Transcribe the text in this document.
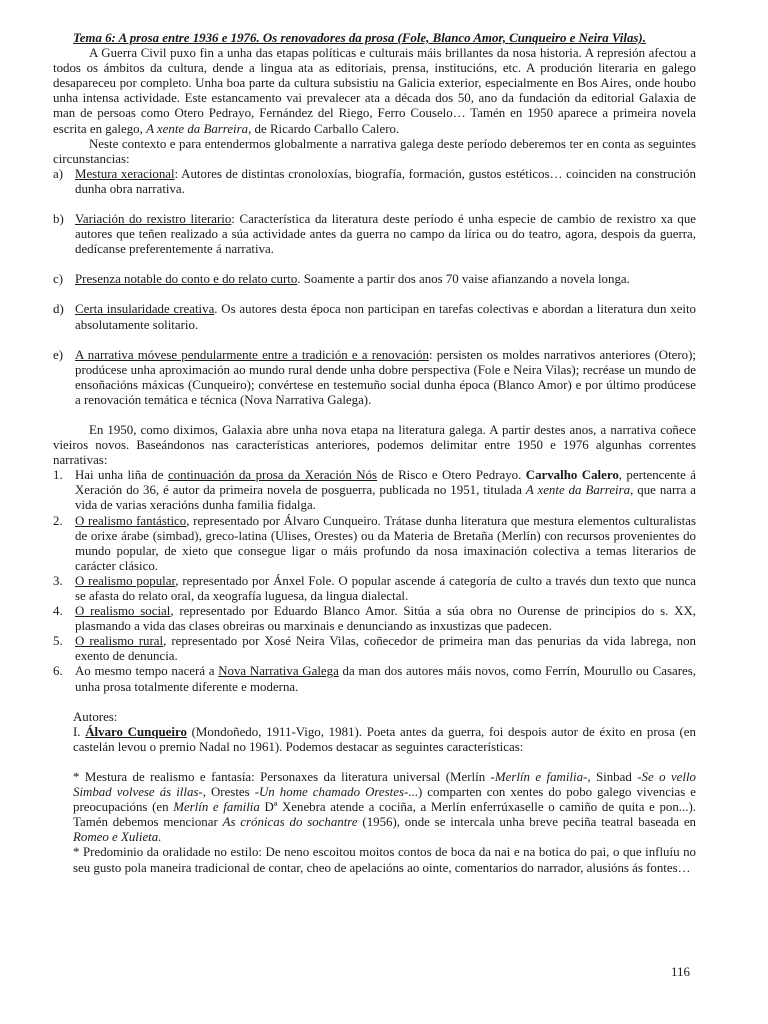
Tema 6: A prosa entre 1936 e 1976. Os renovadores da prosa (Fole, Blanco Amor, Cunqueiro e Neira Vilas).

A Guerra Civil puxo fin a unha das etapas políticas e culturais máis brillantes da nosa historia. A represión afectou a todos os ámbitos da cultura, dende a lingua ata as editoriais, prensa, institucións, etc. A produción literaria en galego desapareceu por completo. Unha boa parte da cultura subsistiu na Galicia exterior, especialmente en Bos Aires, onde houbo unha intensa actividade. Este estancamento vai prevalecer ata a década dos 50, ano da fundación da editorial Galaxia de man de persoas como Otero Pedrayo, Fernández del Riego, Ferro Couselo… Tamén en 1950 aparece a primeira novela escrita en galego, A xente da Barreira, de Ricardo Carballo Calero.

Neste contexto e para entendermos globalmente a narrativa galega deste período deberemos ter en conta as seguintes circunstancias:

a) Mestura xeracional: Autores de distintas cronoloxías, biografía, formación, gustos estéticos… coinciden na construción dunha obra narrativa.
b) Variación do rexistro literario: Característica da literatura deste período é unha especie de cambio de rexistro xa que autores que teñen realizado a súa actividade antes da guerra no campo da lírica ou do teatro, agora, despois da guerra, dedícanse preferentemente á narrativa.
c) Presenza notable do conto e do relato curto. Soamente a partir dos anos 70 vaise afianzando a novela longa.
d) Certa insularidade creativa. Os autores desta época non participan en tarefas colectivas e abordan a literatura dun xeito absolutamente solitario.
e) A narrativa móvese pendularmente entre a tradición e a renovación: persisten os moldes narrativos anteriores (Otero); prodúcese unha aproximación ao mundo rural dende unha dobre perspectiva (Fole e Neira Vilas); recréase un mundo de ensoñacións máxicas (Cunqueiro); convértese en testemuño social dunha época (Blanco Amor) e por último prodúcese a renovación temática e técnica (Nova Narrativa Galega).

En 1950, como diximos, Galaxia abre unha nova etapa na literatura galega. A partir destes anos, a narrativa coñece vieiros novos. Baseándonos nas características anteriores, podemos delimitar entre 1950 e 1976 algunhas correntes narrativas:

1. Hai unha liña de continuación da prosa da Xeración Nós de Risco e Otero Pedrayo. Carvalho Calero, pertencente á Xeración do 36, é autor da primeira novela de posguerra, publicada no 1951, titulada A xente da Barreira, que narra a vida de varias xeracións dunha familia fidalga.
2. O realismo fantástico, representado por Álvaro Cunqueiro. Trátase dunha literatura que mestura elementos culturalistas de orixe árabe (simbad), greco-latina (Ulises, Orestes) ou da Materia de Bretaña (Merlín) con recursos provenientes do mundo popular, de xieto que consegue ligar o máis profundo da nosa imaxinación colectiva a temas literarios de carácter clásico.
3. O realismo popular, representado por Ánxel Fole. O popular ascende á categoría de culto a través dun texto que nunca se afasta do relato oral, da xeografía luguesa, da lingua dialectal.
4. O realismo social, representado por Eduardo Blanco Amor. Sitúa a súa obra no Ourense de principios do s. XX, plasmando a vida das clases obreiras ou marxinais e denunciando as inxustizas que padecen.
5. O realismo rural, representado por Xosé Neira Vilas, coñecedor de primeira man das penurias da vida labrega, non exento de denuncia.
6. Ao mesmo tempo nacerá a Nova Narrativa Galega da man dos autores máis novos, como Ferrín, Mourullo ou Casares, unha prosa totalmente diferente e moderna.

Autores:

I. Álvaro Cunqueiro (Mondoñedo, 1911-Vigo, 1981). Poeta antes da guerra, foi despois autor de éxito en prosa (en castelán levou o premio Nadal no 1961). Podemos destacar as seguintes características:

* Mestura de realismo e fantasía: Personaxes da literatura universal (Merlín -Merlín e familia-, Sinbad -Se o vello Simbad volvese ás illas-, Orestes -Un home chamado Orestes-...) comparten con xentes do pobo galego vivencias e preocupacións (en Merlín e familia Dª Xenebra atende a cociña, a Merlín enferrúxaselle o camiño de quita e pon...). Tamén debemos mencionar As crónicas do sochantre (1956), onde se intercala unha breve peciña teatral baseada en Romeo e Xulieta.

* Predominio da oralidade no estilo: De neno escoitou moitos contos de boca da nai e na botica do pai, o que influíu no seu gusto pola maneira tradicional de contar, cheo de apelacións ao ointe, comentarios do narrador, alusións ás fontes…

116
